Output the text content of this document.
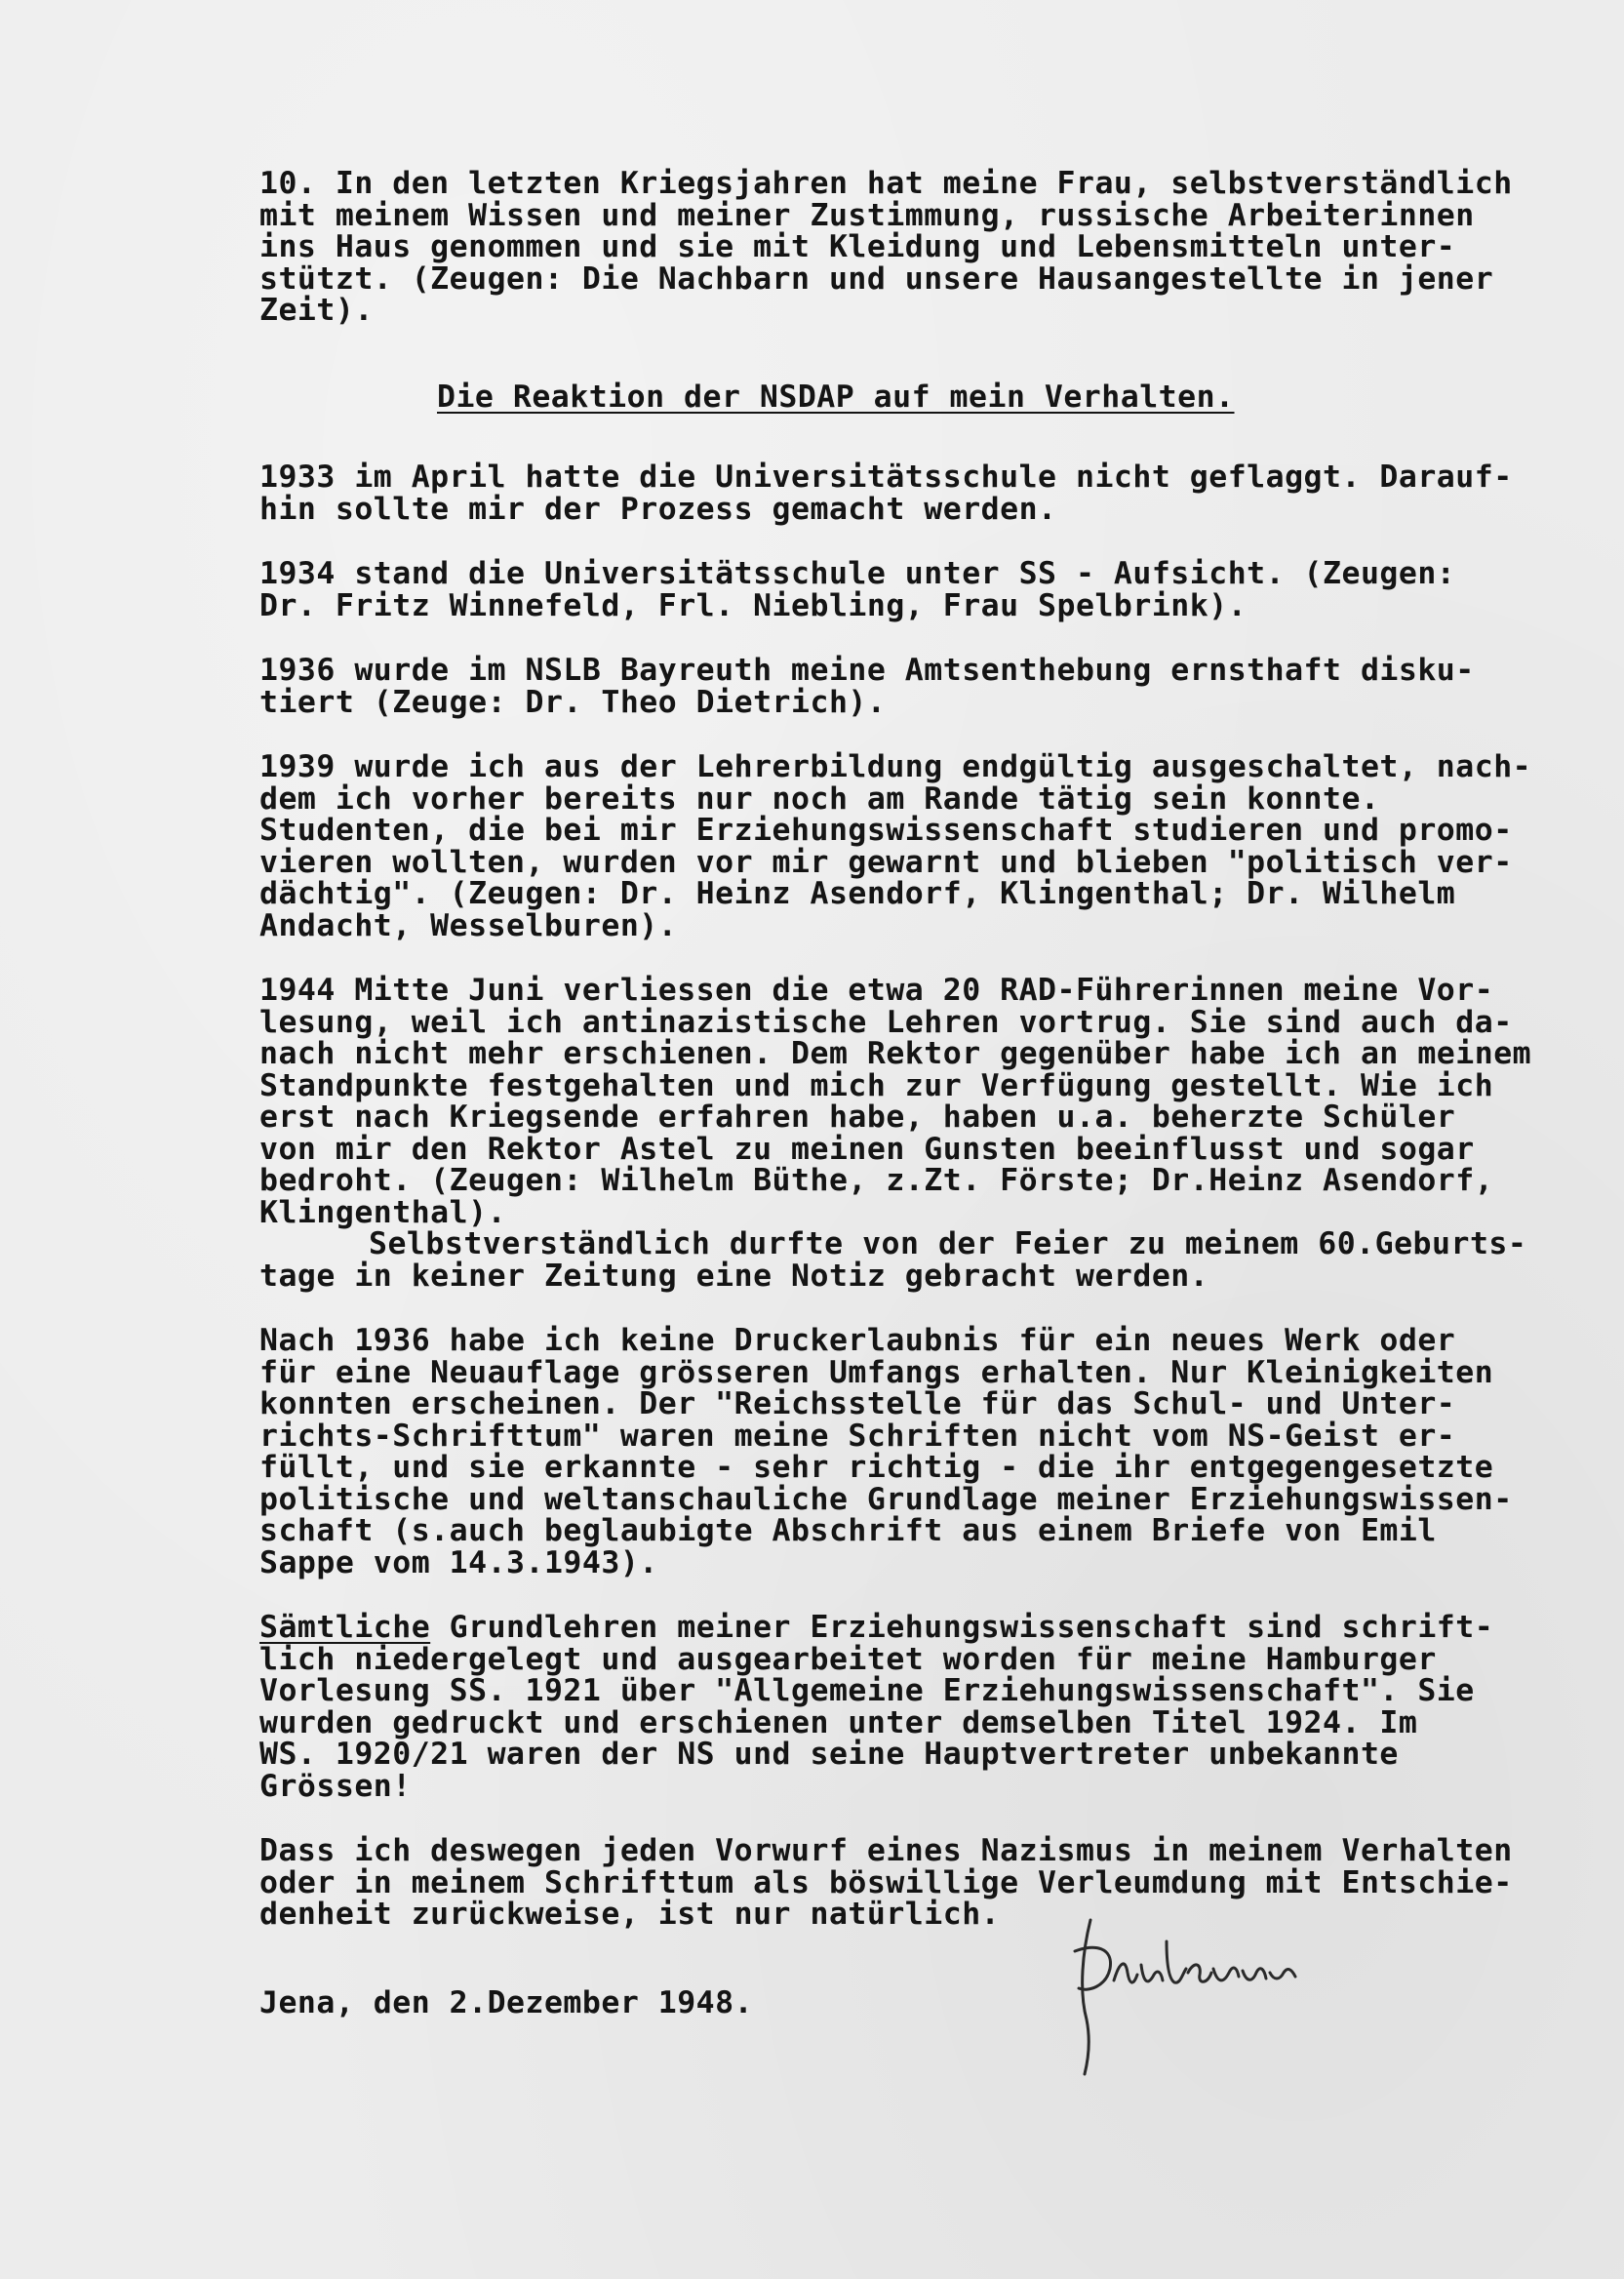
10. In den letzten Kriegsjahren hat meine Frau, selbstverständlich
mit meinem Wissen und meiner Zustimmung, russische Arbeiterinnen
ins Haus genommen und sie mit Kleidung und Lebensmitteln unter-
stützt. (Zeugen: Die Nachbarn und unsere Hausangestellte in jener
Zeit).
Die Reaktion der NSDAP auf mein Verhalten.
1933 im April hatte die Universitätsschule nicht geflaggt. Darauf-
hin sollte mir der Prozess gemacht werden.
1934 stand die Universitätsschule unter SS - Aufsicht. (Zeugen:
Dr. Fritz Winnefeld, Frl. Niebling, Frau Spelbrink).
1936 wurde im NSLB Bayreuth meine Amtsenthebung ernsthaft disku-
tiert (Zeuge: Dr. Theo Dietrich).
1939 wurde ich aus der Lehrerbildung endgültig ausgeschaltet, nach-
dem ich vorher bereits nur noch am Rande tätig sein konnte.
Studenten, die bei mir Erziehungswissenschaft studieren und promo-
vieren wollten, wurden vor mir gewarnt und blieben "politisch ver-
dächtig". (Zeugen: Dr. Heinz Asendorf, Klingenthal; Dr. Wilhelm
Andacht, Wesselburen).
1944 Mitte Juni verliessen die etwa 20 RAD-Führerinnen meine Vor-
lesung, weil ich antinazistische Lehren vortrug. Sie sind auch da-
nach nicht mehr erschienen. Dem Rektor gegenüber habe ich an meinem
Standpunkte festgehalten und mich zur Verfügung gestellt. Wie ich
erst nach Kriegsende erfahren habe, haben u.a. beherzte Schüler
von mir den Rektor Astel zu meinen Gunsten beeinflusst und sogar
bedroht. (Zeugen: Wilhelm Büthe, z.Zt. Förste; Dr.Heinz Asendorf,
Klingenthal).
Selbstverständlich durfte von der Feier zu meinem 60.Geburts-
tage in keiner Zeitung eine Notiz gebracht werden.
Nach 1936 habe ich keine Druckerlaubnis für ein neues Werk oder
für eine Neuauflage grösseren Umfangs erhalten. Nur Kleinigkeiten
konnten erscheinen. Der "Reichsstelle für das Schul- und Unter-
richts-Schrifttum" waren meine Schriften nicht vom NS-Geist er-
füllt, und sie erkannte - sehr richtig - die ihr entgegengesetzte
politische und weltanschauliche Grundlage meiner Erziehungswissen-
schaft (s.auch beglaubigte Abschrift aus einem Briefe von Emil
Sappe vom 14.3.1943).
Sämtliche Grundlehren meiner Erziehungswissenschaft sind schrift-
lich niedergelegt und ausgearbeitet worden für meine Hamburger
Vorlesung SS. 1921 über "Allgemeine Erziehungswissenschaft". Sie
wurden gedruckt und erschienen unter demselben Titel 1924. Im
WS. 1920/21 waren der NS und seine Hauptvertreter unbekannte
Grössen!
Dass ich deswegen jeden Vorwurf eines Nazismus in meinem Verhalten
oder in meinem Schrifttum als böswillige Verleumdung mit Entschie-
denheit zurückweise, ist nur natürlich.
Jena, den 2.Dezember 1948.
